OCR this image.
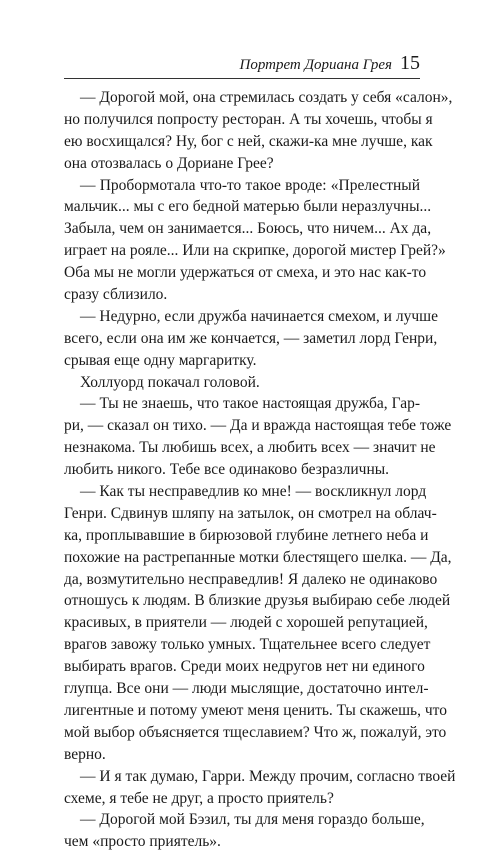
Портрет Дориана Грея 15
— Дорогой мой, она стремилась создать у себя «салон»,
но получился попросту ресторан. А ты хочешь, чтобы я
ею восхищался? Ну, бог с ней, скажи-ка мне лучше, как
она отозвалась о Дориане Грее?
— Пробормотала что-то такое вроде: «Прелестный
мальчик... мы с его бедной матерью были неразлучны...
Забыла, чем он занимается... Боюсь, что ничем... Ах да,
играет на рояле... Или на скрипке, дорогой мистер Грей?»
Оба мы не могли удержаться от смеха, и это нас как-то
сразу сблизило.
— Недурно, если дружба начинается смехом, и лучше
всего, если она им же кончается, — заметил лорд Генри,
срывая еще одну маргаритку.
Холлуорд покачал головой.
— Ты не знаешь, что такое настоящая дружба, Гар-
ри, — сказал он тихо. — Да и вражда настоящая тебе тоже
незнакома. Ты любишь всех, а любить всех — значит не
любить никого. Тебе все одинаково безразличны.
— Как ты несправедлив ко мне! — воскликнул лорд
Генри. Сдвинув шляпу на затылок, он смотрел на облач-
ка, проплывавшие в бирюзовой глубине летнего неба и
похожие на растрепанные мотки блестящего шелка. — Да,
да, возмутительно несправедлив! Я далеко не одинаково
отношусь к людям. В близкие друзья выбираю себе людей
красивых, в приятели — людей с хорошей репутацией,
врагов завожу только умных. Тщательнее всего следует
выбирать врагов. Среди моих недругов нет ни единого
глупца. Все они — люди мыслящие, достаточно интел-
лигентные и потому умеют меня ценить. Ты скажешь, что
мой выбор объясняется тщеславием? Что ж, пожалуй, это
верно.
— И я так думаю, Гарри. Между прочим, согласно твоей
схеме, я тебе не друг, а просто приятель?
— Дорогой мой Бэзил, ты для меня гораздо больше,
чем «просто приятель».
